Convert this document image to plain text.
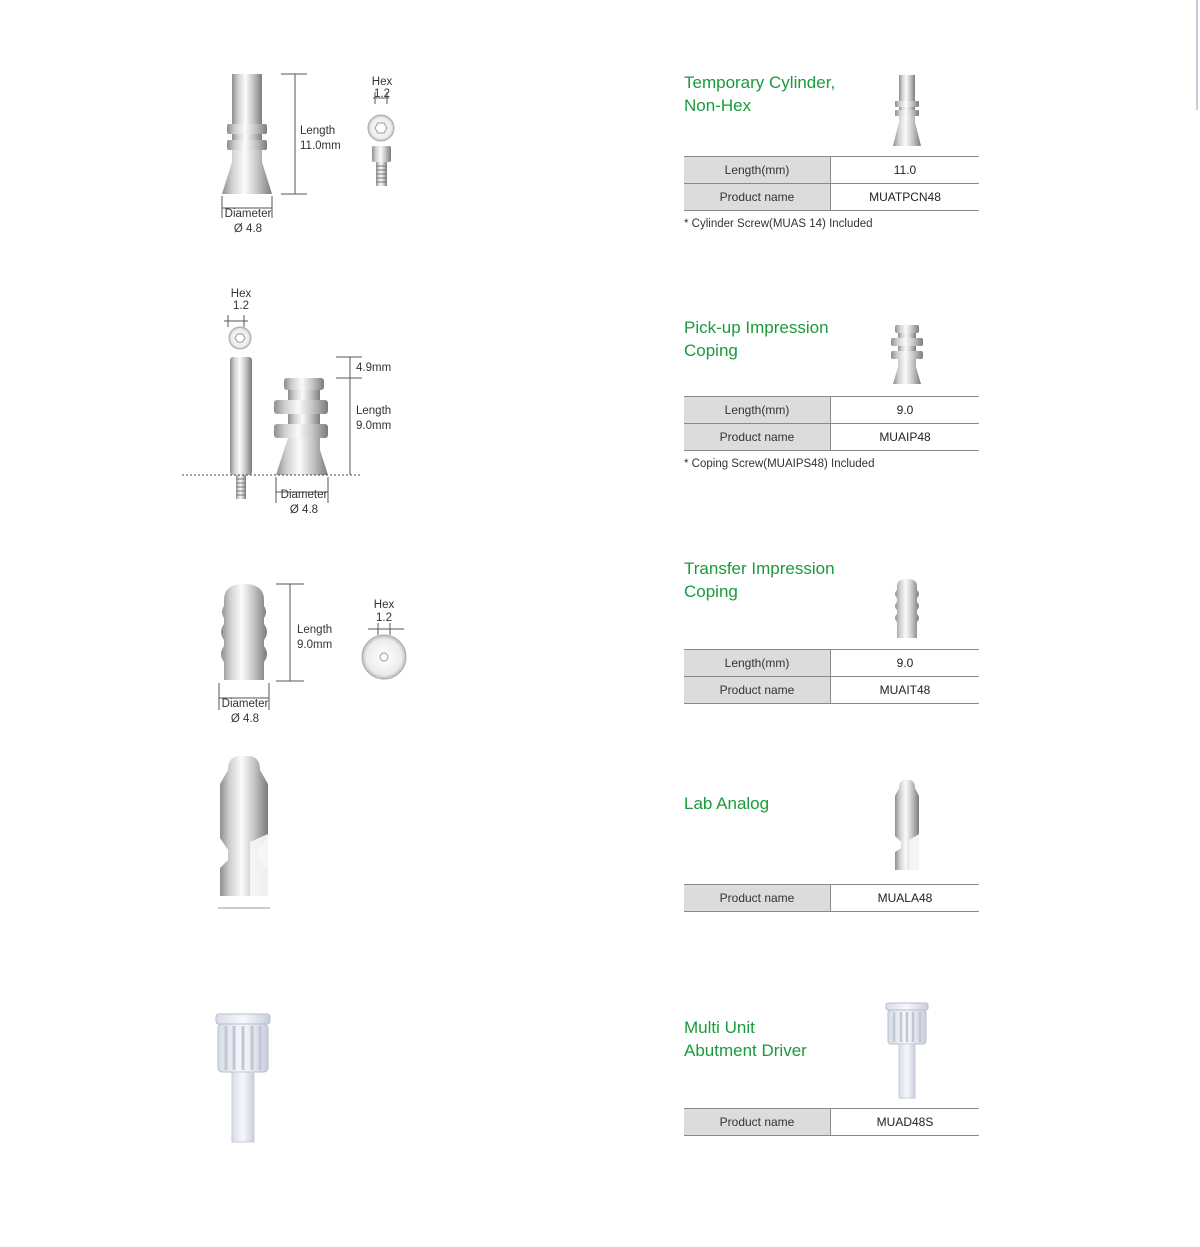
Hex
1.2
Length
11.0mm
Diameter
Ø 4.8
Temporary Cylinder,
Non-Hex
Length(mm)	11.0
Product name	MUATPCN48
* Cylinder Screw(MUAS 14) Included
Hex
1.2
4.9mm
Length
9.0mm
Diameter
Ø 4.8
Pick-up Impression
Coping
Length(mm)	9.0
Product name	MUAIP48
* Coping Screw(MUAIPS48) Included
Hex
1.2
Length
9.0mm
Diameter
Ø 4.8
Transfer Impression
Coping
Length(mm)	9.0
Product name	MUAIT48
Lab Analog
Product name	MUALA48
Multi Unit
Abutment Driver
Product name	MUAD48S
